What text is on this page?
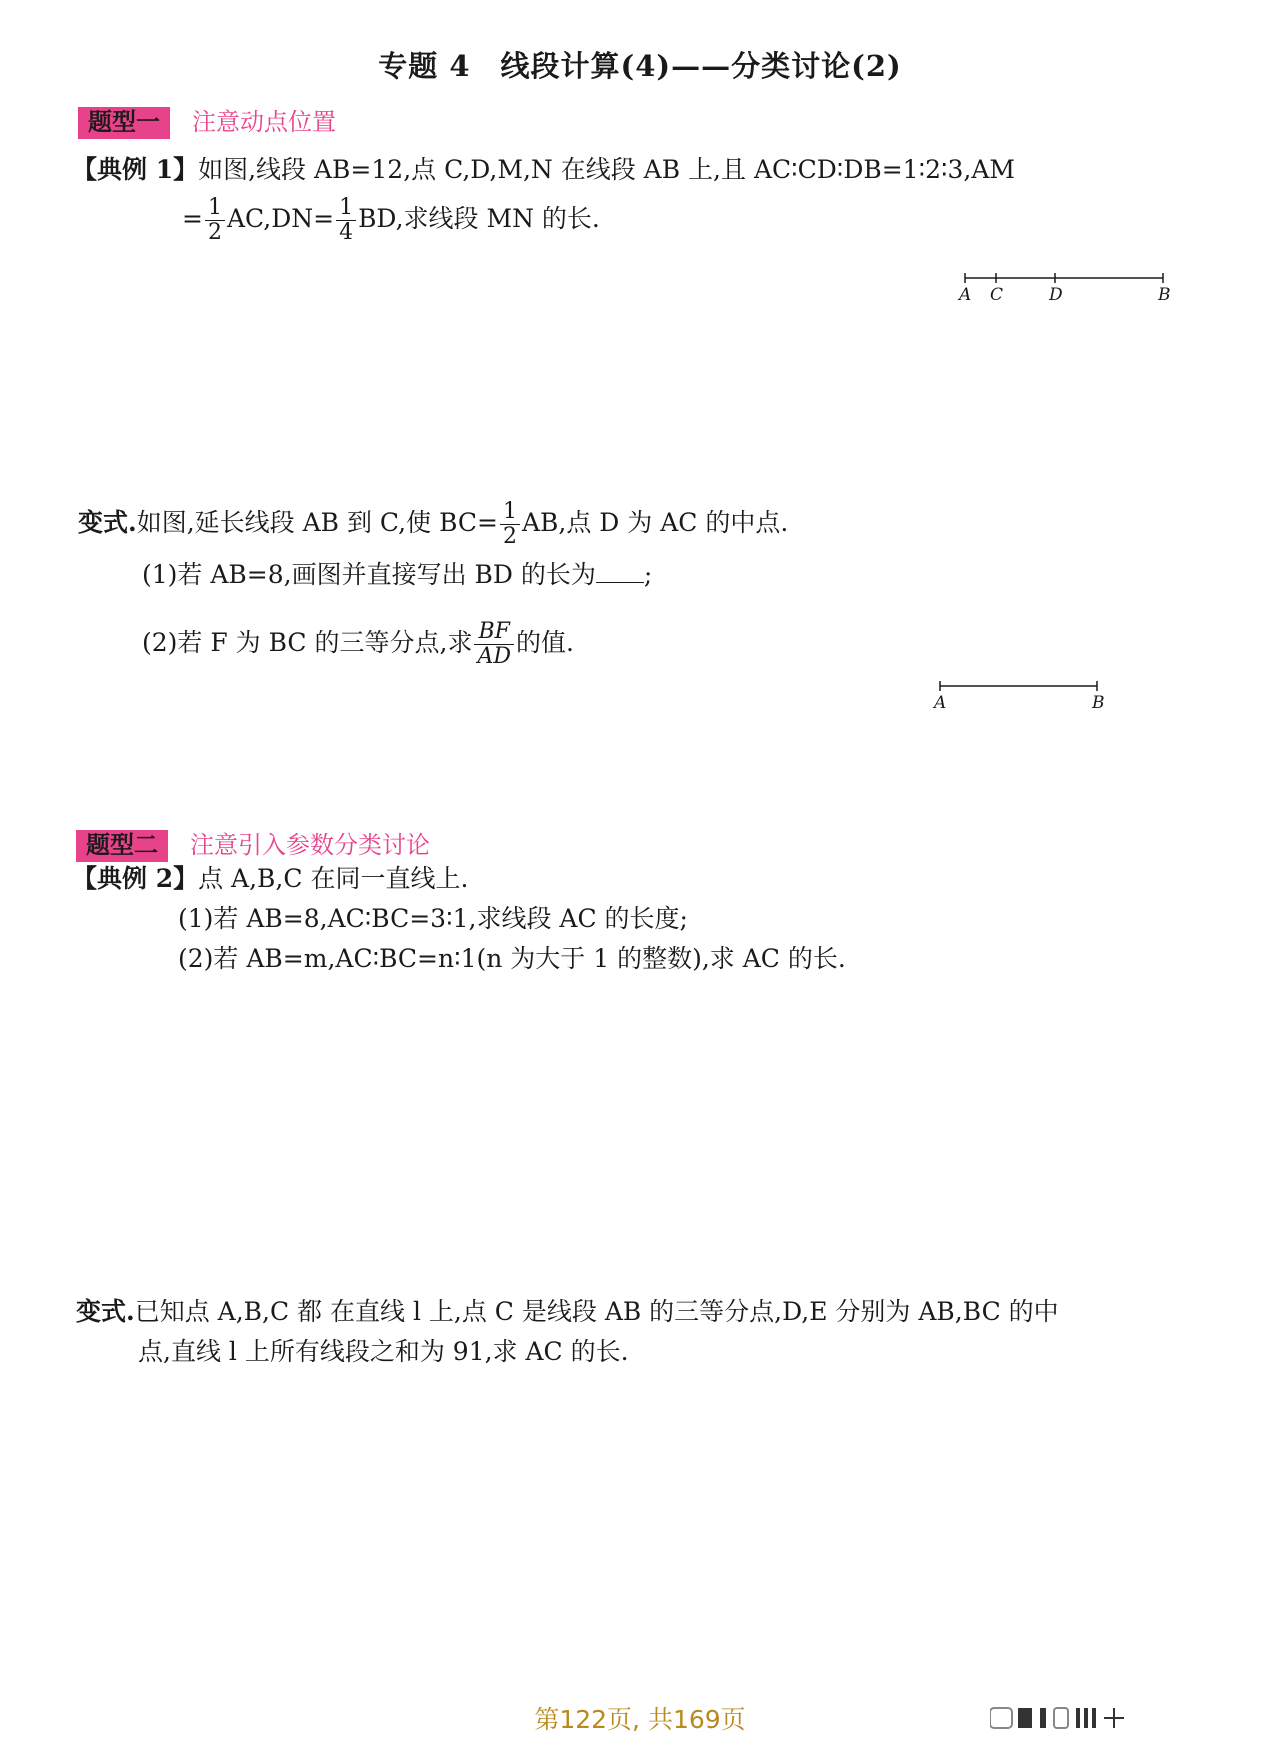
专题 4　线段计算(4)——分类讨论(2)
题型一 注意动点位置
【典例 1】如图,线段 AB=12,点 C,D,M,N 在线段 AB 上,且 AC∶CD∶DB=1∶2∶3,AM
= $\frac{1}{2} AC,DN= \frac{1}{4}$ BD,求线段 MN 的长.
A C	D	B
变式.如图,延长线段 AB 到 C,使 $BC= \frac{1}{2}$ AB,点 D 为 AC 的中点.
(1)若 AB=8,画图并直接写出 BD 的长为 ;
(2)若 F 为 BC 的三等分点,求 $\frac{BF}{AD}$ 的值.
A	B
题型二 注意引入参数分类讨论
【典例 2】点 A,B,C 在同一直线上.
(1)若 AB=8,AC∶BC=3∶1,求线段 AC 的长度;
(2)若 AB=m,AC∶BC=n∶1(n 为大于 1 的整数),求 AC 的长.
变式.已知点 A,B,C 都 在直线 l 上,点 C 是线段 AB 的三等分点,D,E 分别为 AB,BC 的中
点,直线 l 上所有线段之和为 91,求 AC 的长.
第122页, 共169页
